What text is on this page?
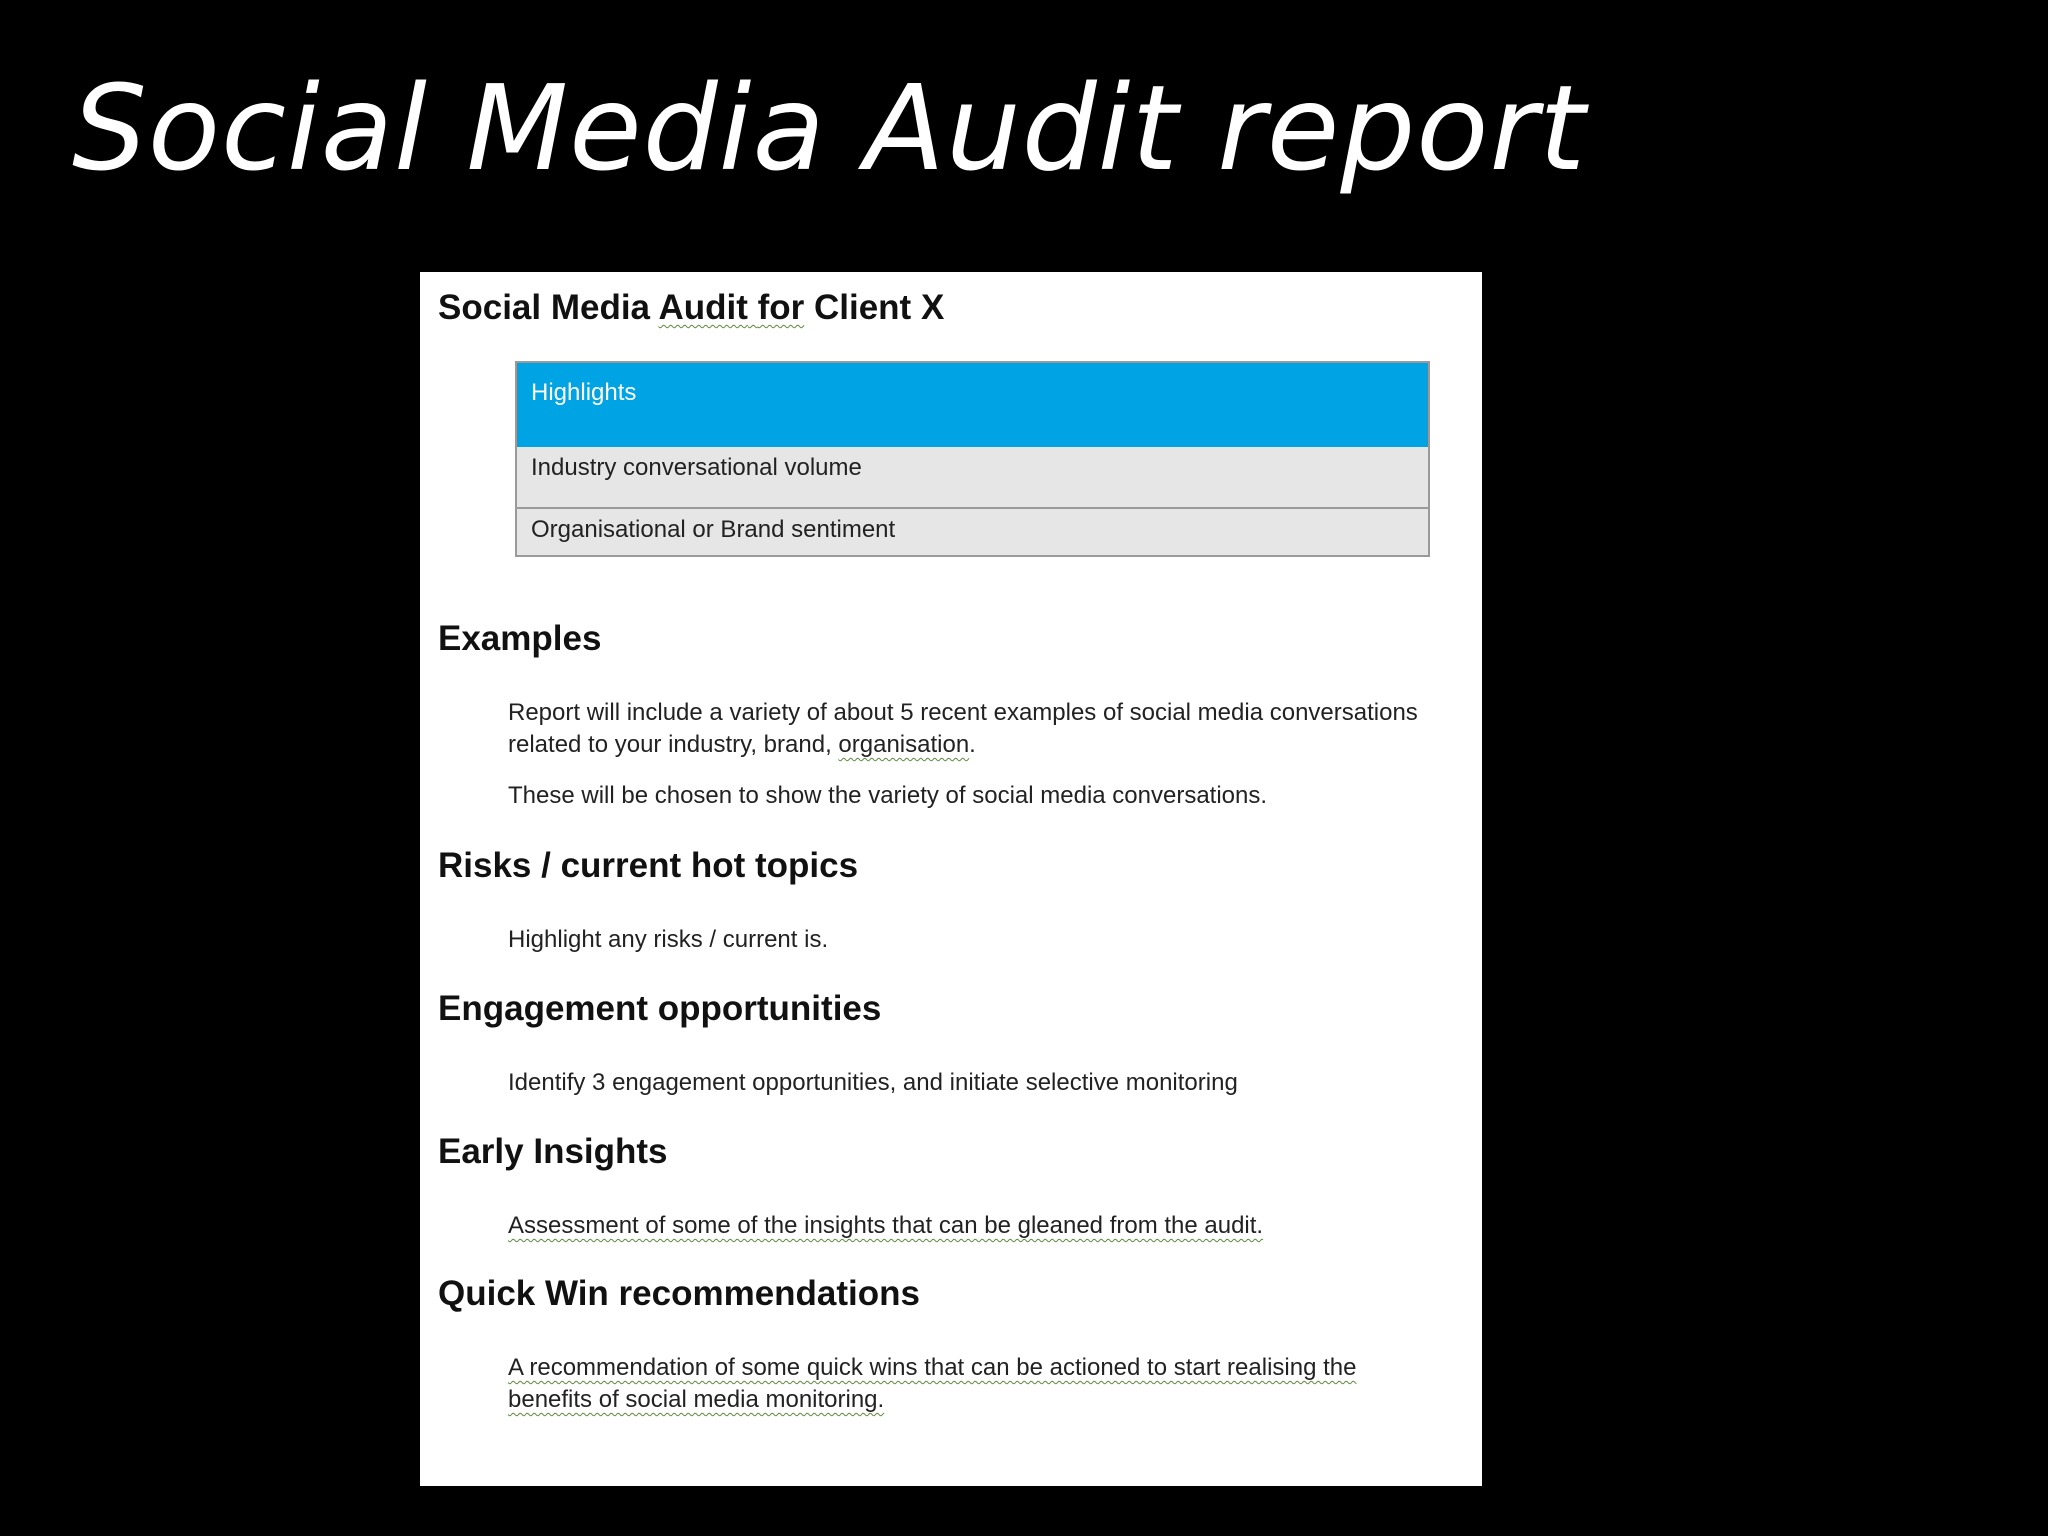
Social Media Audit report
Social Media Audit for Client X
Highlights
Industry conversational volume
Organisational or Brand sentiment
Examples

Report will include a variety of about 5 recent examples of social media conversations related to your industry, brand, organisation.

These will be chosen to show the variety of social media conversations.

Risks / current hot topics

Highlight any risks / current is.

Engagement opportunities

Identify 3 engagement opportunities, and initiate selective monitoring

Early Insights

Assessment of some of the insights that can be gleaned from the audit.

Quick Win recommendations

A recommendation of some quick wins that can be actioned to start realising the benefits of social media monitoring.
